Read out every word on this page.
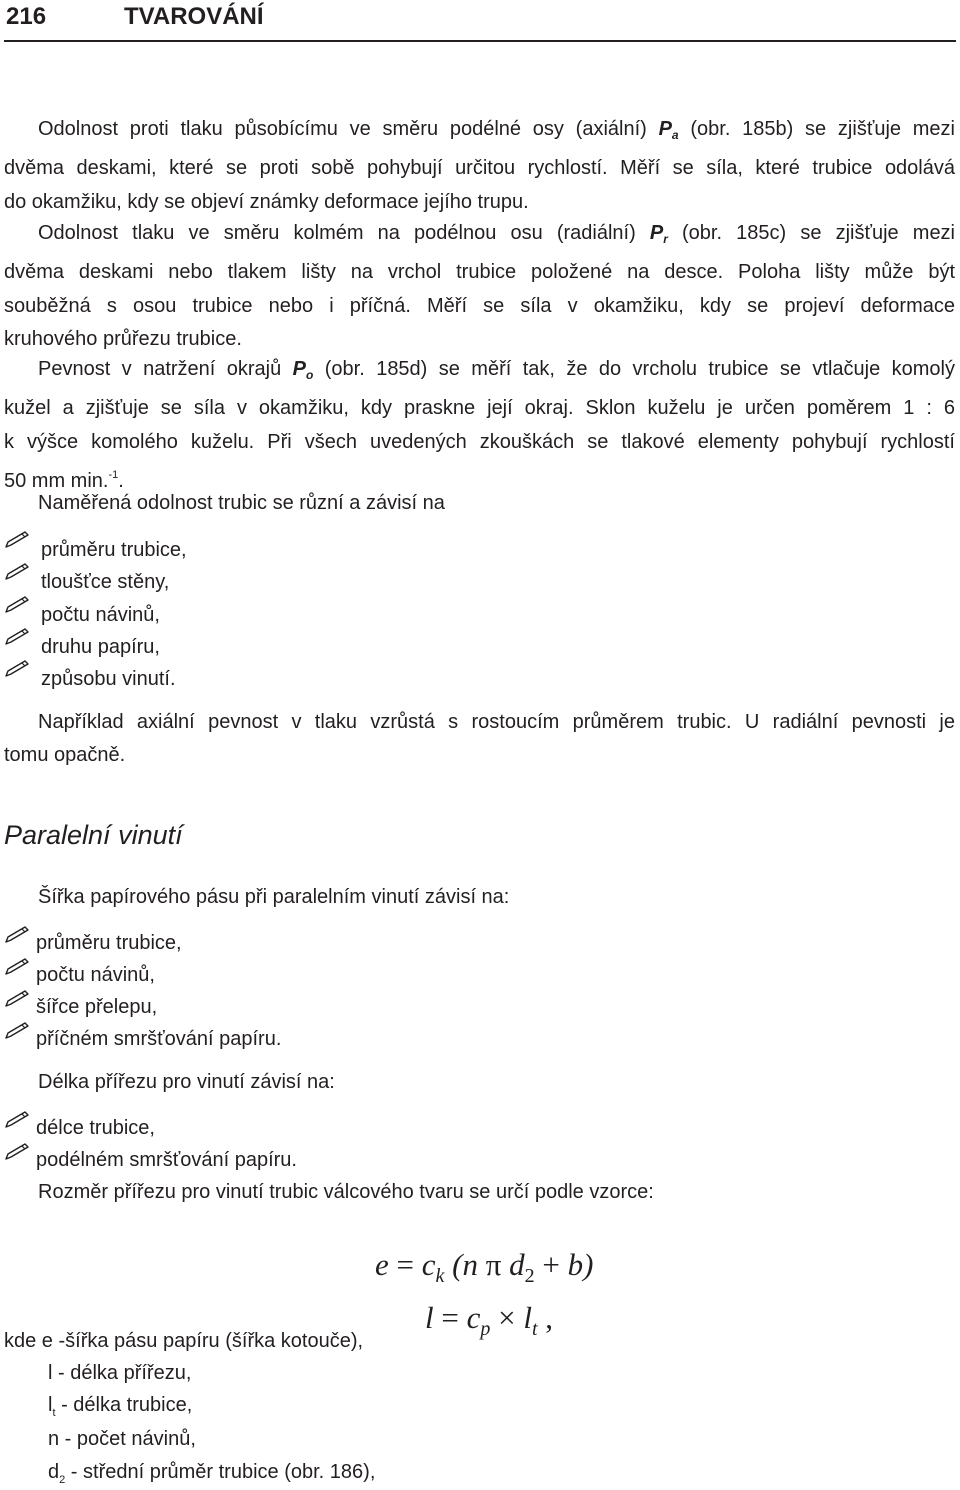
216	TVAROVÁNÍ
Odolnost proti tlaku působícímu ve směru podélné osy (axiální) $P_a$ (obr. 185b) se zjišťuje mezi
dvěma deskami, které se proti sobě pohybují určitou rychlostí. Měří se síla, které trubice odolává
do okamžiku, kdy se objeví známky deformace jejího trupu.
Odolnost tlaku ve směru kolmém na podélnou osu (radiální) $P_r$ (obr. 185c) se zjišťuje mezi
dvěma deskami nebo tlakem lišty na vrchol trubice položené na desce. Poloha lišty může být
souběžná s osou trubice nebo i příčná. Měří se síla v okamžiku, kdy se projeví deformace
kruhového průřezu trubice.
Pevnost v natržení okrajů $P_o$ (obr. 185d) se měří tak, že do vrcholu trubice se vtlačuje komolý
kužel a zjišťuje se síla v okamžiku, kdy praskne její okraj. Sklon kuželu je určen poměrem 1 : 6
k výšce komolého kuželu. Při všech uvedených zkouškách se tlakové elementy pohybují rychlostí
50 mm min.$^{-1}$.
Naměřená odolnost trubic se různí a závisí na
průměru trubice,
tloušťce stěny,
počtu návinů,
druhu papíru,
způsobu vinutí.
Například axiální pevnost v tlaku vzrůstá s rostoucím průměrem trubic. U radiální pevnosti je
tomu opačně.
Paralelní vinutí
Šířka papírového pásu při paralelním vinutí závisí na:
průměru trubice,
počtu návinů,
šířce přelepu,
příčném smršťování papíru.
Délka přířezu pro vinutí závisí na:
délce trubice,
podélném smršťování papíru.
Rozměr přířezu pro vinutí trubic válcového tvaru se určí podle vzorce:
$e = c_k$ (n π $d_2 + b$)
$l = c_p \times l_t$ ,
kde e -šířka pásu papíru (šířka kotouče),
l - délka přířezu,
$l_t$ - délka trubice,
n - počet návinů,
$d_2$ - střední průměr trubice (obr. 186),
